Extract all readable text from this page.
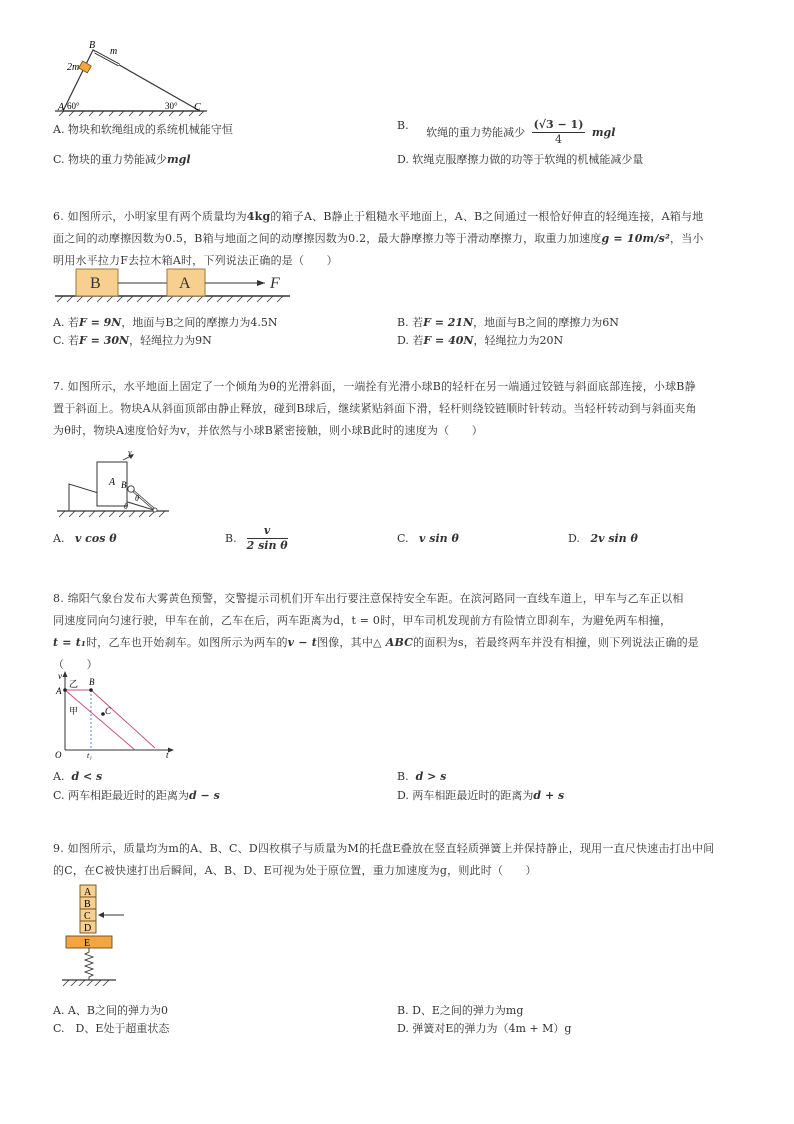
B
m
2m
A 60°	30° C
A. 物块和软绳组成的系统机械能守恒	B. 软绳的重力势能减少 $\frac{(√3 - 1)}{4}$ mgl
C. 物块的重力势能减少mgl	D. 软绳克服摩擦力做的功等于软绳的机械能减少量
6. 如图所示，小明家里有两个质量均为4kg的箱子A、B静止于粗糙水平地面上，A、B之间通过一根恰好伸直的轻绳连接，A箱与地
面之间的动摩擦因数为0.5，B箱与地面之间的动摩擦因数为0.2，最大静摩擦力等于滑动摩擦力，取重力加速度g = 10m/s²，当小
明用水平拉力F去拉木箱A时，下列说法正确的是（　　）
B	A	F
A. 若F = 9N，地面与B之间的摩擦力为4.5N	B. 若F = 21N，地面与B之间的摩擦力为6N
C. 若F = 30N，轻绳拉力为9N	D. 若F = 40N，轻绳拉力为20N
7. 如图所示，水平地面上固定了一个倾角为θ的光滑斜面，一端拴有光滑小球B的轻杆在另一端通过铰链与斜面底部连接，小球B静
置于斜面上。物块A从斜面顶部由静止释放，碰到B球后，继续紧贴斜面下滑，轻杆则绕铰链顺时针转动。当轻杆转动到与斜面夹角
为θ时，物块A速度恰好为v，并依然与小球B紧密接触，则小球B此时的速度为（　　）
A B
v
θ
θ
A. v cos θ	B. $\frac{v}{\text{2 sin θ}}$	C. v sin θ	D. 2v sin θ
8. 绵阳气象台发布大雾黄色预警，交警提示司机们开车出行要注意保持安全车距。在滨河路同一直线车道上，甲车与乙车正以相
同速度同向匀速行驶，甲车在前，乙车在后，两车距离为d，t = 0时，甲车司机发现前方有险情立即刹车，为避免两车相撞，
t = t₁时，乙车也开始刹车。如图所示为两车的v − t图像，其中△ ABC的面积为s，若最终两车并没有相撞，则下列说法正确的是
（　　）
v
A
B
乙
甲	C
O	t₁	t
A. d < s	B. d > s
C. 两车相距最近时的距离为d − s	D. 两车相距最近时的距离为d + s
9. 如图所示，质量均为m的A、B、C、D四枚棋子与质量为M的托盘E叠放在竖直轻质弹簧上并保持静止，现用一直尺快速击打出中间
的C，在C被快速打出后瞬间，A、B、D、E可视为处于原位置，重力加速度为g，则此时（　　）
A
B
C
D
E
A. A、B之间的弹力为0	B. D、E之间的弹力为mg
C.　D、E处于超重状态	D. 弹簧对E的弹力为（4m + M）g
